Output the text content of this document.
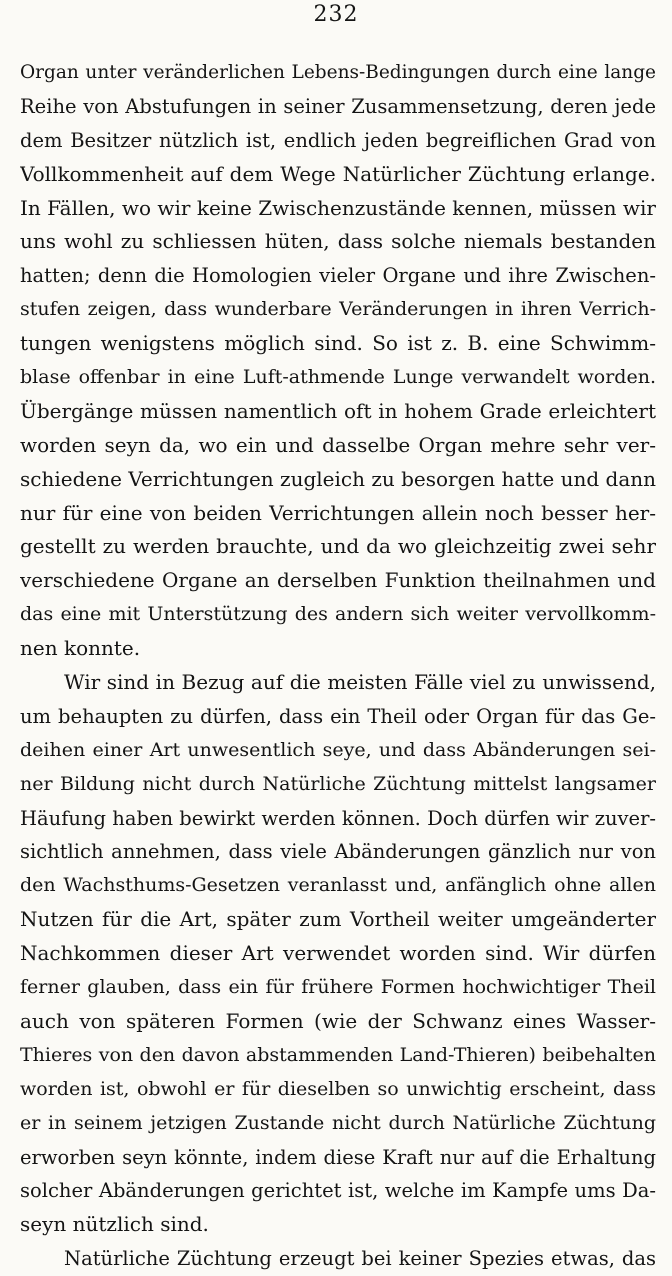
232
Organ unter veränderlichen Lebens-Bedingungen durch eine lange
Reihe von Abstufungen in seiner Zusammensetzung, deren jede
dem Besitzer nützlich ist, endlich jeden begreiflichen Grad von
Vollkommenheit auf dem Wege Natürlicher Züchtung erlange.
In Fällen, wo wir keine Zwischenzustände kennen, müssen wir
uns wohl zu schliessen hüten, dass solche niemals bestanden
hatten; denn die Homologien vieler Organe und ihre Zwischen-
stufen zeigen, dass wunderbare Veränderungen in ihren Verrich-
tungen wenigstens möglich sind. So ist z. B. eine Schwimm-
blase offenbar in eine Luft-athmende Lunge verwandelt worden.
Übergänge müssen namentlich oft in hohem Grade erleichtert
worden seyn da, wo ein und dasselbe Organ mehre sehr ver-
schiedene Verrichtungen zugleich zu besorgen hatte und dann
nur für eine von beiden Verrichtungen allein noch besser her-
gestellt zu werden brauchte, und da wo gleichzeitig zwei sehr
verschiedene Organe an derselben Funktion theilnahmen und
das eine mit Unterstützung des andern sich weiter vervollkomm-
nen konnte.
Wir sind in Bezug auf die meisten Fälle viel zu unwissend,
um behaupten zu dürfen, dass ein Theil oder Organ für das Ge-
deihen einer Art unwesentlich seye, und dass Abänderungen sei-
ner Bildung nicht durch Natürliche Züchtung mittelst langsamer
Häufung haben bewirkt werden können. Doch dürfen wir zuver-
sichtlich annehmen, dass viele Abänderungen gänzlich nur von
den Wachsthums-Gesetzen veranlasst und, anfänglich ohne allen
Nutzen für die Art, später zum Vortheil weiter umgeänderter
Nachkommen dieser Art verwendet worden sind. Wir dürfen
ferner glauben, dass ein für frühere Formen hochwichtiger Theil
auch von späteren Formen (wie der Schwanz eines Wasser-
Thieres von den davon abstammenden Land-Thieren) beibehalten
worden ist, obwohl er für dieselben so unwichtig erscheint, dass
er in seinem jetzigen Zustande nicht durch Natürliche Züchtung
erworben seyn könnte, indem diese Kraft nur auf die Erhaltung
solcher Abänderungen gerichtet ist, welche im Kampfe ums Da-
seyn nützlich sind.
Natürliche Züchtung erzeugt bei keiner Spezies etwas, das
